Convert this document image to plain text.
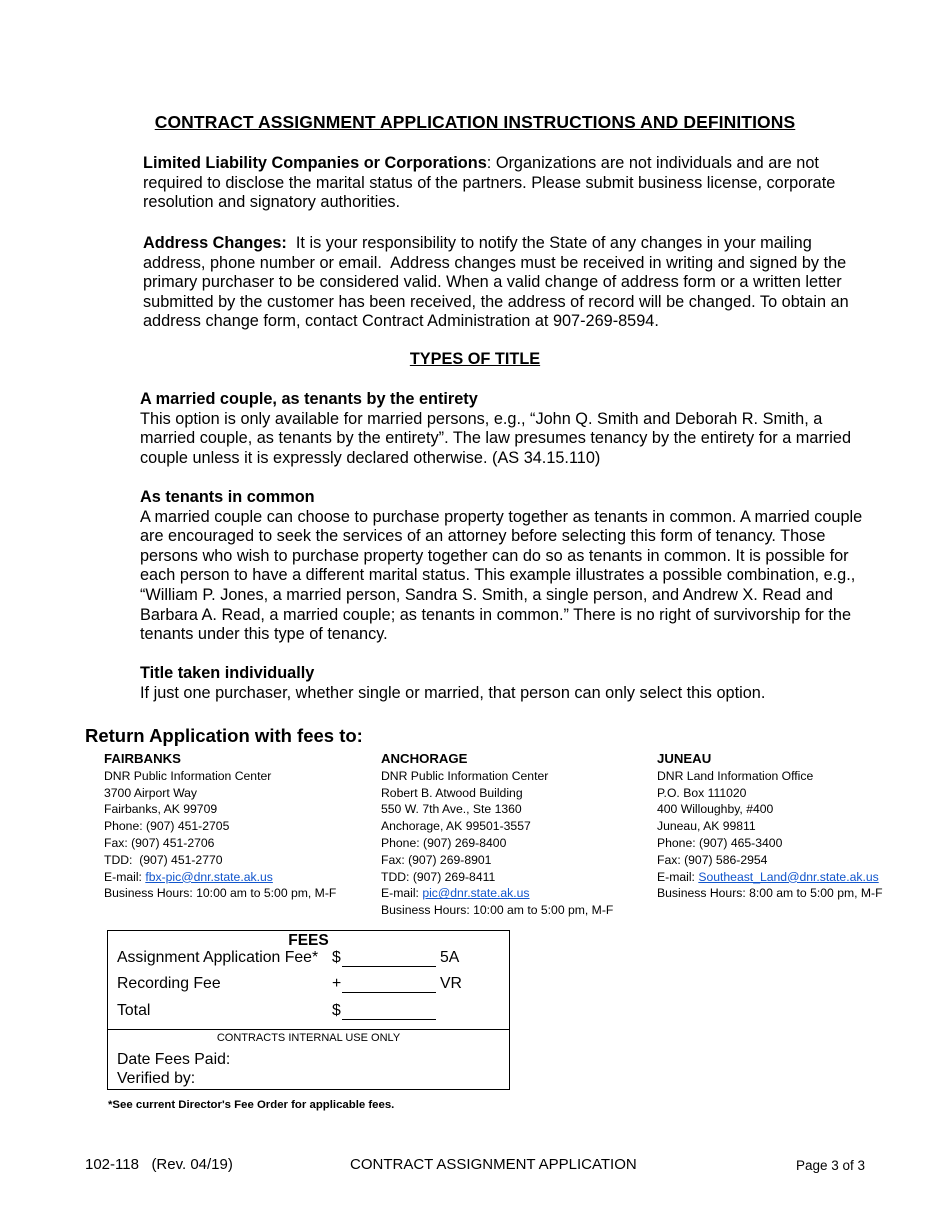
CONTRACT ASSIGNMENT APPLICATION INSTRUCTIONS AND DEFINITIONS
Limited Liability Companies or Corporations: Organizations are not individuals and are not required to disclose the marital status of the partners. Please submit business license, corporate resolution and signatory authorities.
Address Changes:  It is your responsibility to notify the State of any changes in your mailing address, phone number or email.  Address changes must be received in writing and signed by the primary purchaser to be considered valid. When a valid change of address form or a written letter submitted by the customer has been received, the address of record will be changed. To obtain an address change form, contact Contract Administration at 907-269-8594.
TYPES OF TITLE
A married couple, as tenants by the entirety
This option is only available for married persons, e.g., “John Q. Smith and Deborah R. Smith, a married couple, as tenants by the entirety”. The law presumes tenancy by the entirety for a married couple unless it is expressly declared otherwise. (AS 34.15.110)
As tenants in common
A married couple can choose to purchase property together as tenants in common. A married couple are encouraged to seek the services of an attorney before selecting this form of tenancy. Those persons who wish to purchase property together can do so as tenants in common. It is possible for each person to have a different marital status. This example illustrates a possible combination, e.g., “William P. Jones, a married person, Sandra S. Smith, a single person, and Andrew X. Read and Barbara A. Read, a married couple; as tenants in common.” There is no right of survivorship for the tenants under this type of tenancy.
Title taken individually
If just one purchaser, whether single or married, that person can only select this option.
Return Application with fees to:
FAIRBANKS
DNR Public Information Center
3700 Airport Way
Fairbanks, AK 99709
Phone: (907) 451-2705
Fax: (907) 451-2706
TDD:  (907) 451-2770
E-mail: fbx-pic@dnr.state.ak.us
Business Hours: 10:00 am to 5:00 pm, M-F
ANCHORAGE
DNR Public Information Center
Robert B. Atwood Building
550 W. 7th Ave., Ste 1360
Anchorage, AK 99501-3557
Phone: (907) 269-8400
Fax: (907) 269-8901
TDD: (907) 269-8411
E-mail: pic@dnr.state.ak.us
Business Hours: 10:00 am to 5:00 pm, M-F
JUNEAU
DNR Land Information Office
P.O. Box 111020
400 Willoughby, #400
Juneau, AK 99811
Phone: (907) 465-3400
Fax: (907) 586-2954
E-mail: Southeast_Land@dnr.state.ak.us
Business Hours: 8:00 am to 5:00 pm, M-F
FEES
Assignment Application Fee* $	5A
Recording Fee	+	VR
Total	$
CONTRACTS INTERNAL USE ONLY
Date Fees Paid:
Verified by:
*See current Director's Fee Order for applicable fees.
102-118   (Rev. 04/19)	CONTRACT ASSIGNMENT APPLICATION	Page 3 of 3
